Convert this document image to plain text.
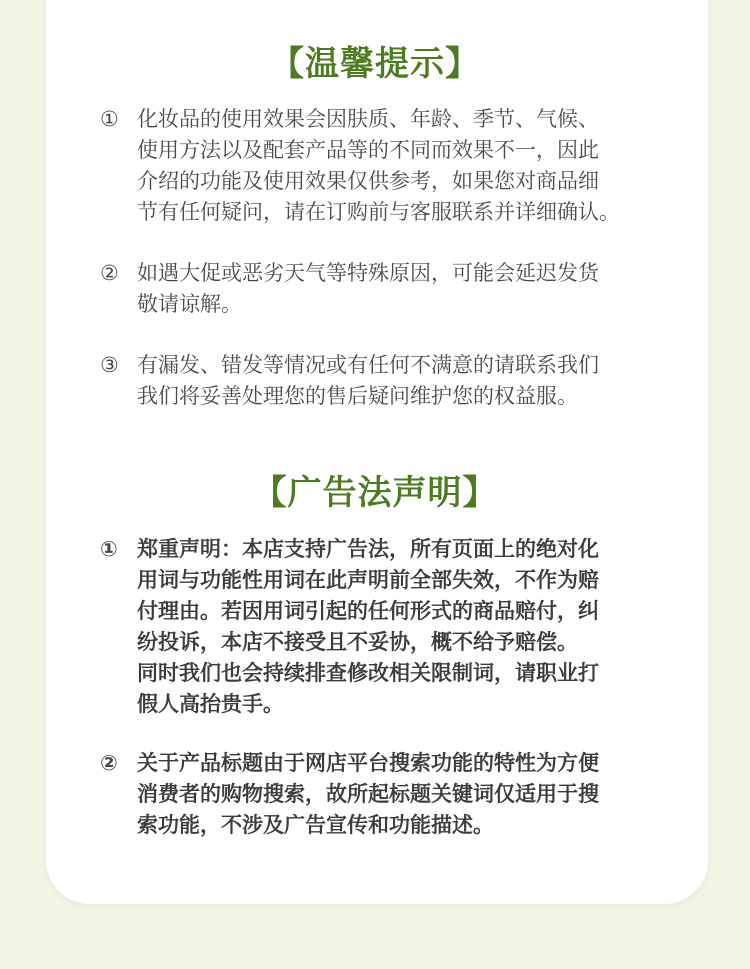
【温馨提示】
① 化妆品的使用效果会因肤质、年龄、季节、气候、
使用方法以及配套产品等的不同而效果不一，因此
介绍的功能及使用效果仅供参考，如果您对商品细
节有任何疑问，请在订购前与客服联系并详细确认。
② 如遇大促或恶劣天气等特殊原因，可能会延迟发货
敬请谅解。
③ 有漏发、错发等情况或有任何不满意的请联系我们
我们将妥善处理您的售后疑问维护您的权益服。
【广告法声明】
① 郑重声明：本店支持广告法，所有页面上的绝对化
用词与功能性用词在此声明前全部失效，不作为赔
付理由。若因用词引起的任何形式的商品赔付，纠
纷投诉，本店不接受且不妥协，概不给予赔偿。
同时我们也会持续排查修改相关限制词，请职业打
假人高抬贵手。
② 关于产品标题由于网店平台搜索功能的特性为方便
消费者的购物搜索，故所起标题关键词仅适用于搜
索功能，不涉及广告宣传和功能描述。
